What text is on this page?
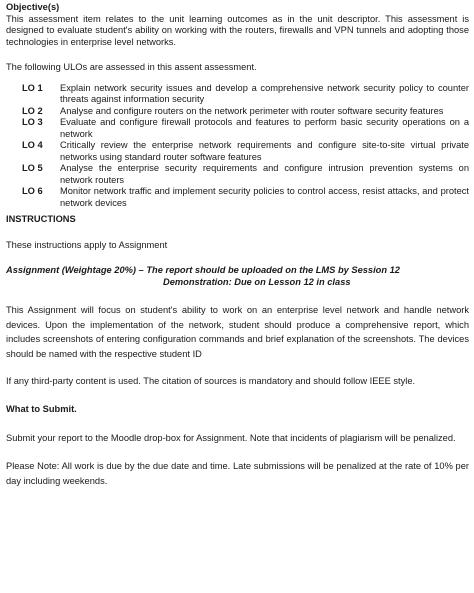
Objective(s)

This assessment item relates to the unit learning outcomes as in the unit descriptor. This assessment is designed to evaluate student's ability on working with the routers, firewalls and VPN tunnels and adopting those technologies in enterprise level networks.

The following ULOs are assessed in this assent assessment.

LO 1	Explain network security issues and develop a comprehensive network security policy to counter threats against information security
LO 2	Analyse and configure routers on the network perimeter with router software security features
LO 3	Evaluate and configure firewall protocols and features to perform basic security operations on a network
LO 4	Critically review the enterprise network requirements and configure site-to-site virtual private networks using standard router software features
LO 5	Analyse the enterprise security requirements and configure intrusion prevention systems on network routers
LO 6	Monitor network traffic and implement security policies to control access, resist attacks, and protect network devices

INSTRUCTIONS

These instructions apply to Assignment

Assignment (Weightage 20%) – The report should be uploaded on the LMS by Session 12

Demonstration: Due on Lesson 12 in class

This Assignment will focus on student's ability to work on an enterprise level network and handle network devices. Upon the implementation of the network, student should produce a comprehensive report, which includes screenshots of entering configuration commands and brief explanation of the screenshots. The devices should be named with the respective student ID

If any third-party content is used. The citation of sources is mandatory and should follow IEEE style.

What to Submit.

Submit your report to the Moodle drop-box for Assignment. Note that incidents of plagiarism will be penalized.

Please Note: All work is due by the due date and time. Late submissions will be penalized at the rate of 10% per day including weekends.
